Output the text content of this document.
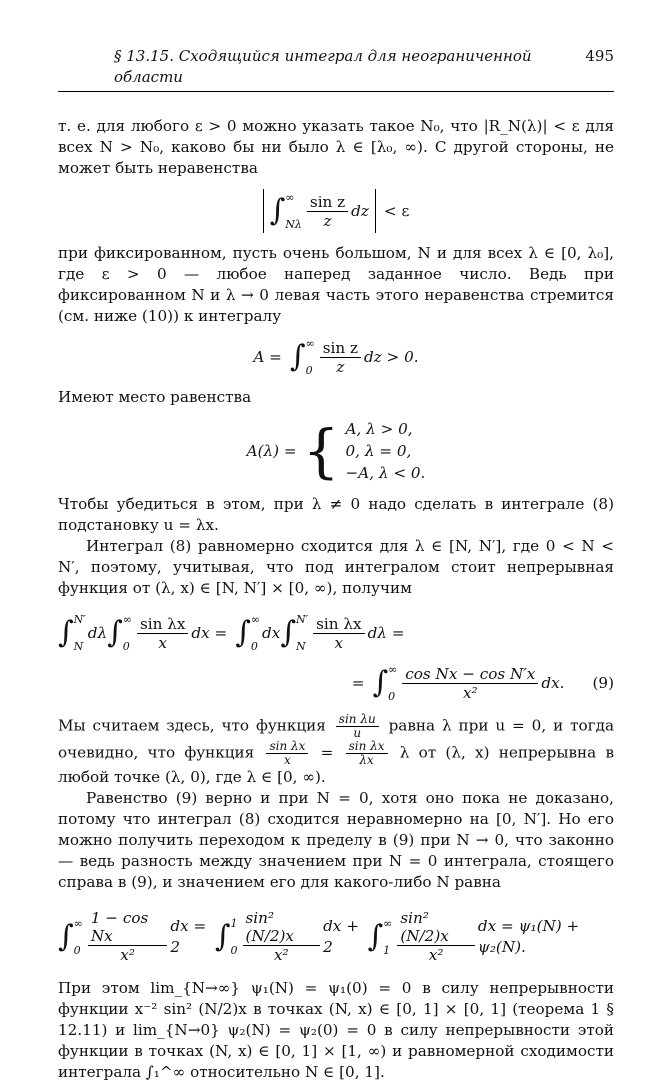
§ 13.15. Сходящийся интеграл для неограниченной области
495

т. е. для любого ε > 0 можно указать такое N₀, что |R_N(λ)| < ε для всех N > N₀, каково бы ни было λ ∈ [λ₀, ∞). С другой стороны, не может быть неравенства

∫ ∞
Nλ $\frac{\text{sin z}}{z}$ dz < ε

при фиксированном, пусть очень большом, N и для всех λ ∈ [0, λ₀], где ε > 0 — любое наперед заданное число. Ведь при фиксированном N и λ → 0 левая часть этого неравенства стремится (см. ниже (10)) к интегралу

A = ∫ ∞
$0 \frac{\text{sin z}}{z}$ dz > 0.

Имеют место равенства

A(λ) = { A, λ > 0,
0, λ = 0,
−A, λ < 0.

Чтобы убедиться в этом, при λ ≠ 0 надо сделать в интеграле (8) подстановку u = λx.

Интеграл (8) равномерно сходится для λ ∈ [N, N′], где 0 < N < N′, поэтому, учитывая, что под интегралом стоит непрерывная функция от (λ, x) ∈ [N, N′] × [0, ∞), получим

∫ N′
N
dλ ∫ ∞
$0 \frac{\text{sin λx}}{x}$ dx = ∫ ∞
0
dx ∫ N′
N $\frac{\text{sin λx}}{x}$ dλ =
= ∫ ∞
$0 \frac{\text{cos Nx − cos N′x}}{\text{x²}}$ dx. (9)

Мы считаем здесь, что функция $\frac{\text{sin λu}}{u}$ равна λ при u = 0, и тогда очевидно, что функция $\frac{\text{sin λx}}{x} = \frac{\text{sin λx}}{\lambda x}$ λ от (λ, x) непрерывна в любой точке (λ, 0), где λ ∈ [0, ∞).

Равенство (9) верно и при N = 0, хотя оно пока не доказано, потому что интеграл (8) сходится неравномерно на [0, N′]. Но его можно получить переходом к пределу в (9) при N → 0, что законно — ведь разность между значением при N = 0 интеграла, стоящего справа в (9), и значением его для какого-либо N равна

∫ ∞
$0 \frac{\text{1 − cos Nx}}{\text{x²}}$ dx = 2	∫ 1
$0 \frac{\text{sin² (N/2)x}}{\text{x²}}$ dx + 2	∫ ∞
$1 \frac{\text{sin² (N/2)x}}{\text{x²}}$ dx = ψ₁(N) + ψ₂(N).

При этом lim_{N→∞} ψ₁(N) = ψ₁(0) = 0 в силу непрерывности функции x⁻² sin² (N/2)x в точках (N, x) ∈ [0, 1] × [0, 1] (теорема 1 § 12.11) и lim_{N→0} ψ₂(N) = ψ₂(0) = 0 в силу непрерывности этой функции в точках (N, x) ∈ [0, 1] × [1, ∞) и равномерной сходимости интеграла ∫₁^∞ относительно N ∈ [0, 1].
